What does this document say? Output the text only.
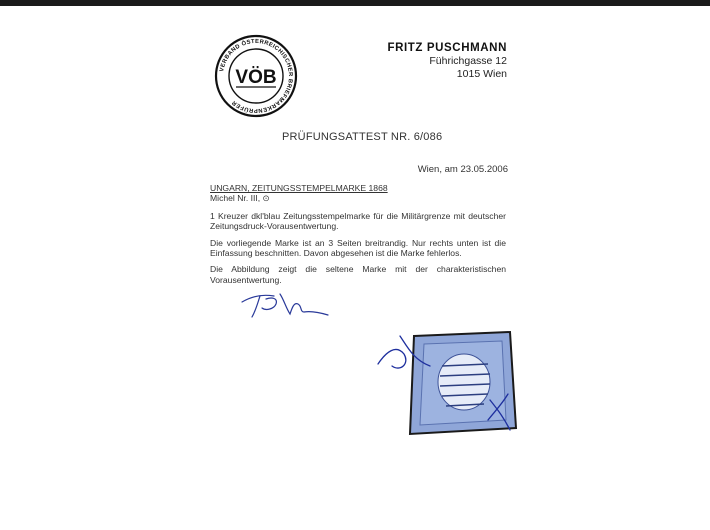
VERBAND ÖSTERREICHISCHER BRIEFMARKENPRÜFER
VÖB
FRITZ PUSCHMANN
Führichgasse 12
1015 Wien
PRÜFUNGSATTEST NR. 6/086
Wien, am 23.05.2006

UNGARN, ZEITUNGSSTEMPELMARKE 1868

Michel Nr. III, ⊙

1 Kreuzer dkl'blau Zeitungsstempelmarke für die Militärgrenze mit deutscher Zeitungsdruck-Vorausentwertung.

Die vorliegende Marke ist an 3 Seiten breitrandig. Nur rechts unten ist die Einfassung beschnitten. Davon abgesehen ist die Marke fehlerlos.

Die Abbildung zeigt die seltene Marke mit der charakteristischen Vorausentwertung.
